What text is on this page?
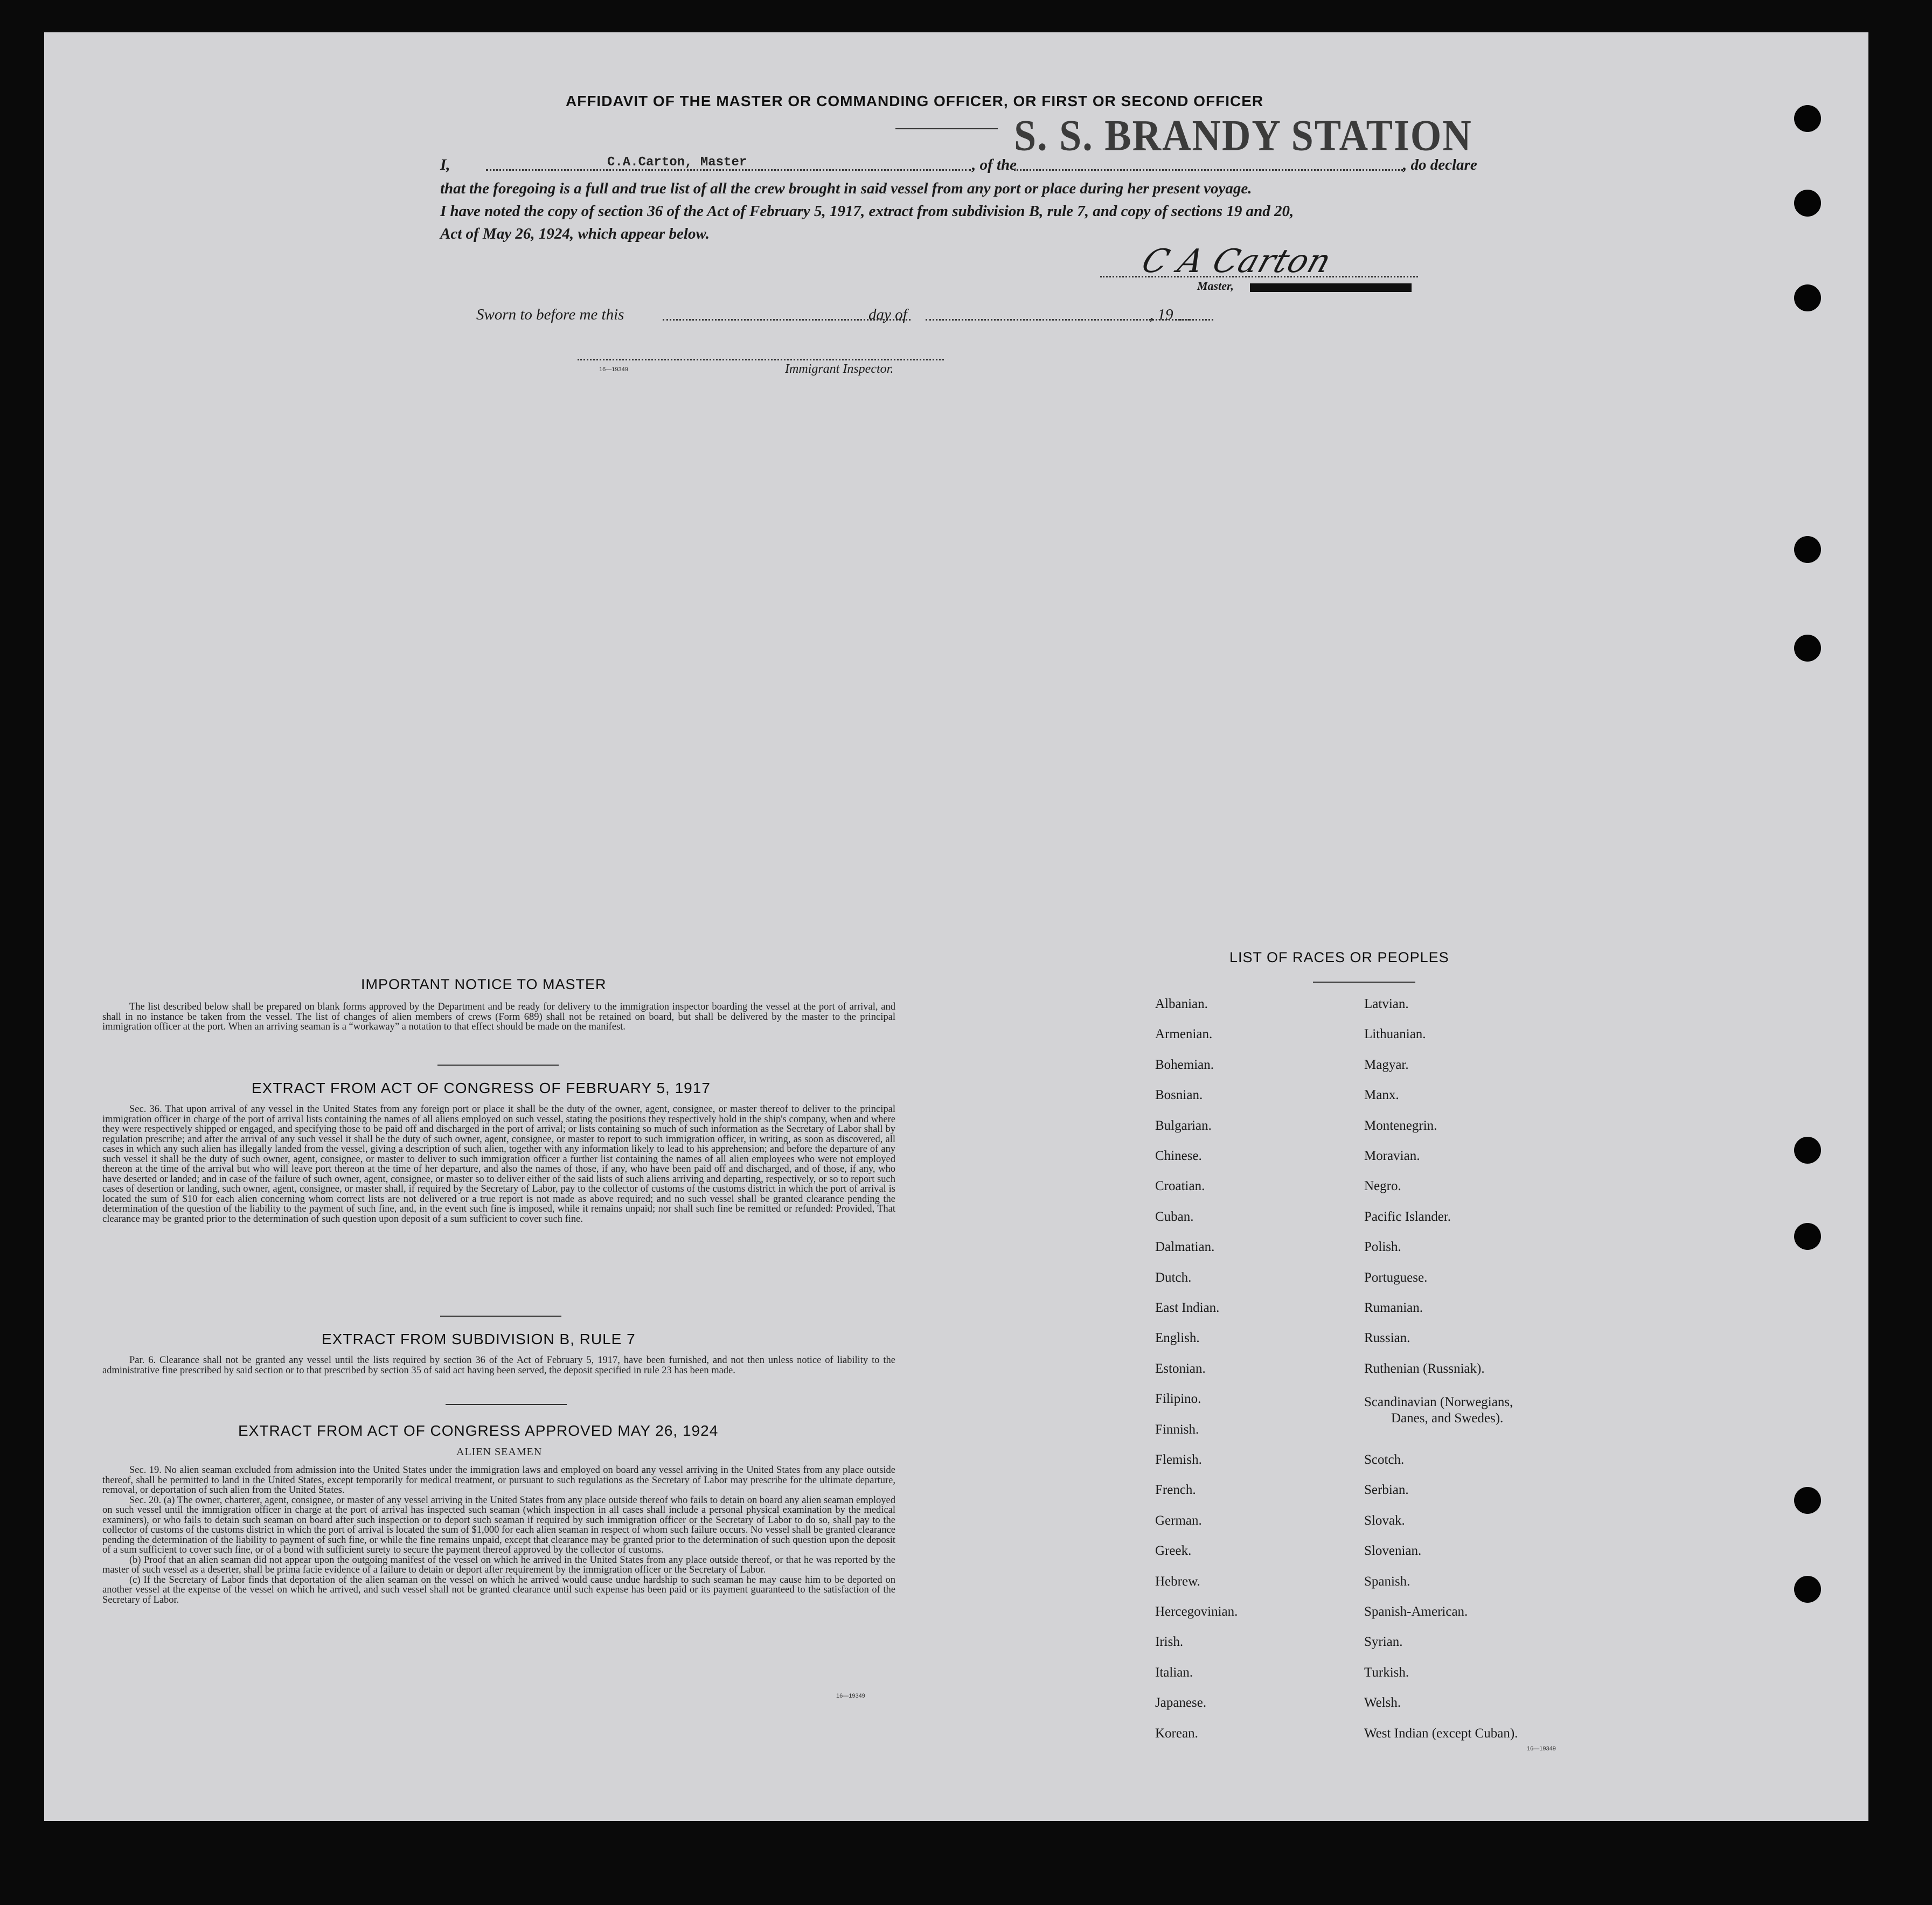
AFFIDAVIT OF THE MASTER OR COMMANDING OFFICER, OR FIRST OR SECOND OFFICER
I,	C.A.Carton, Master	, of the
S. S. BRANDY STATION
, do declare
that the foregoing is a full and true list of all the crew brought in said vessel from any port or place during her present voyage.
I have noted the copy of section 36 of the Act of February 5, 1917, extract from subdivision B, rule 7, and copy of sections 19 and 20,
Act of May 26, 1924, which appear below.
C A Carton
Master,
Sworn to before me this	day of	, 19
16—19349	Immigrant Inspector.
IMPORTANT NOTICE TO MASTER

The list described below shall be prepared on blank forms approved by the Department and be ready for delivery to the immigration inspector boarding the vessel at the port of arrival, and shall in no instance be taken from the vessel. The list of changes of alien members of crews (Form 689) shall not be retained on board, but shall be delivered by the master to the principal immigration officer at the port. When an arriving seaman is a “workaway” a notation to that effect should be made on the manifest.

EXTRACT FROM ACT OF CONGRESS OF FEBRUARY 5, 1917

Sec. 36. That upon arrival of any vessel in the United States from any foreign port or place it shall be the duty of the owner, agent, consignee, or master thereof to deliver to the principal immigration officer in charge of the port of arrival lists containing the names of all aliens employed on such vessel, stating the positions they respectively hold in the ship's company, when and where they were respectively shipped or engaged, and specifying those to be paid off and discharged in the port of arrival; or lists containing so much of such information as the Secretary of Labor shall by regulation prescribe; and after the arrival of any such vessel it shall be the duty of such owner, agent, consignee, or master to report to such immigration officer, in writing, as soon as discovered, all cases in which any such alien has illegally landed from the vessel, giving a description of such alien, together with any information likely to lead to his apprehension; and before the departure of any such vessel it shall be the duty of such owner, agent, consignee, or master to deliver to such immigration officer a further list containing the names of all alien employees who were not employed thereon at the time of the arrival but who will leave port thereon at the time of her departure, and also the names of those, if any, who have been paid off and discharged, and of those, if any, who have deserted or landed; and in case of the failure of such owner, agent, consignee, or master so to deliver either of the said lists of such aliens arriving and departing, respectively, or so to report such cases of desertion or landing, such owner, agent, consignee, or master shall, if required by the Secretary of Labor, pay to the collector of customs of the customs district in which the port of arrival is located the sum of $10 for each alien concerning whom correct lists are not delivered or a true report is not made as above required; and no such vessel shall be granted clearance pending the determination of the question of the liability to the payment of such fine, and, in the event such fine is imposed, while it remains unpaid; nor shall such fine be remitted or refunded: Provided, That clearance may be granted prior to the determination of such question upon deposit of a sum sufficient to cover such fine.

EXTRACT FROM SUBDIVISION B, RULE 7

Par. 6. Clearance shall not be granted any vessel until the lists required by section 36 of the Act of February 5, 1917, have been furnished, and not then unless notice of liability to the administrative fine prescribed by said section or to that prescribed by section 35 of said act having been served, the deposit specified in rule 23 has been made.

EXTRACT FROM ACT OF CONGRESS APPROVED MAY 26, 1924
ALIEN SEAMEN

Sec. 19. No alien seaman excluded from admission into the United States under the immigration laws and employed on board any vessel arriving in the United States from any place outside thereof, shall be permitted to land in the United States, except temporarily for medical treatment, or pursuant to such regulations as the Secretary of Labor may prescribe for the ultimate departure, removal, or deportation of such alien from the United States.

Sec. 20. (a) The owner, charterer, agent, consignee, or master of any vessel arriving in the United States from any place outside thereof who fails to detain on board any alien seaman employed on such vessel until the immigration officer in charge at the port of arrival has inspected such seaman (which inspection in all cases shall include a personal physical examination by the medical examiners), or who fails to detain such seaman on board after such inspection or to deport such seaman if required by such immigration officer or the Secretary of Labor to do so, shall pay to the collector of customs of the customs district in which the port of arrival is located the sum of $1,000 for each alien seaman in respect of whom such failure occurs. No vessel shall be granted clearance pending the determination of the liability to payment of such fine, or while the fine remains unpaid, except that clearance may be granted prior to the determination of such question upon the deposit of a sum sufficient to cover such fine, or of a bond with sufficient surety to secure the payment thereof approved by the collector of customs.

(b) Proof that an alien seaman did not appear upon the outgoing manifest of the vessel on which he arrived in the United States from any place outside thereof, or that he was reported by the master of such vessel as a deserter, shall be prima facie evidence of a failure to detain or deport after requirement by the immigration officer or the Secretary of Labor.

(c) If the Secretary of Labor finds that deportation of the alien seaman on the vessel on which he arrived would cause undue hardship to such seaman he may cause him to be deported on another vessel at the expense of the vessel on which he arrived, and such vessel shall not be granted clearance until such expense has been paid or its payment guaranteed to the satisfaction of the Secretary of Labor.

16—19349
LIST OF RACES OR PEOPLES
16—19349
Albanian.
Armenian.
Bohemian.
Bosnian.
Bulgarian.
Chinese.
Croatian.
Cuban.
Dalmatian.
Dutch.
East Indian.
English.
Estonian.
Filipino.
Finnish.
Flemish.
French.
German.
Greek.
Hebrew.
Hercegovinian.
Irish.
Italian.
Japanese.
Korean.
Latvian.
Lithuanian.
Magyar.
Manx.
Montenegrin.
Moravian.
Negro.
Pacific Islander.
Polish.
Portuguese.
Rumanian.
Russian.
Ruthenian (Russniak).
Scandinavian (Norwegians,
Danes, and Swedes).
Scotch.
Serbian.
Slovak.
Slovenian.
Spanish.
Spanish-American.
Syrian.
Turkish.
Welsh.
West Indian (except Cuban).
